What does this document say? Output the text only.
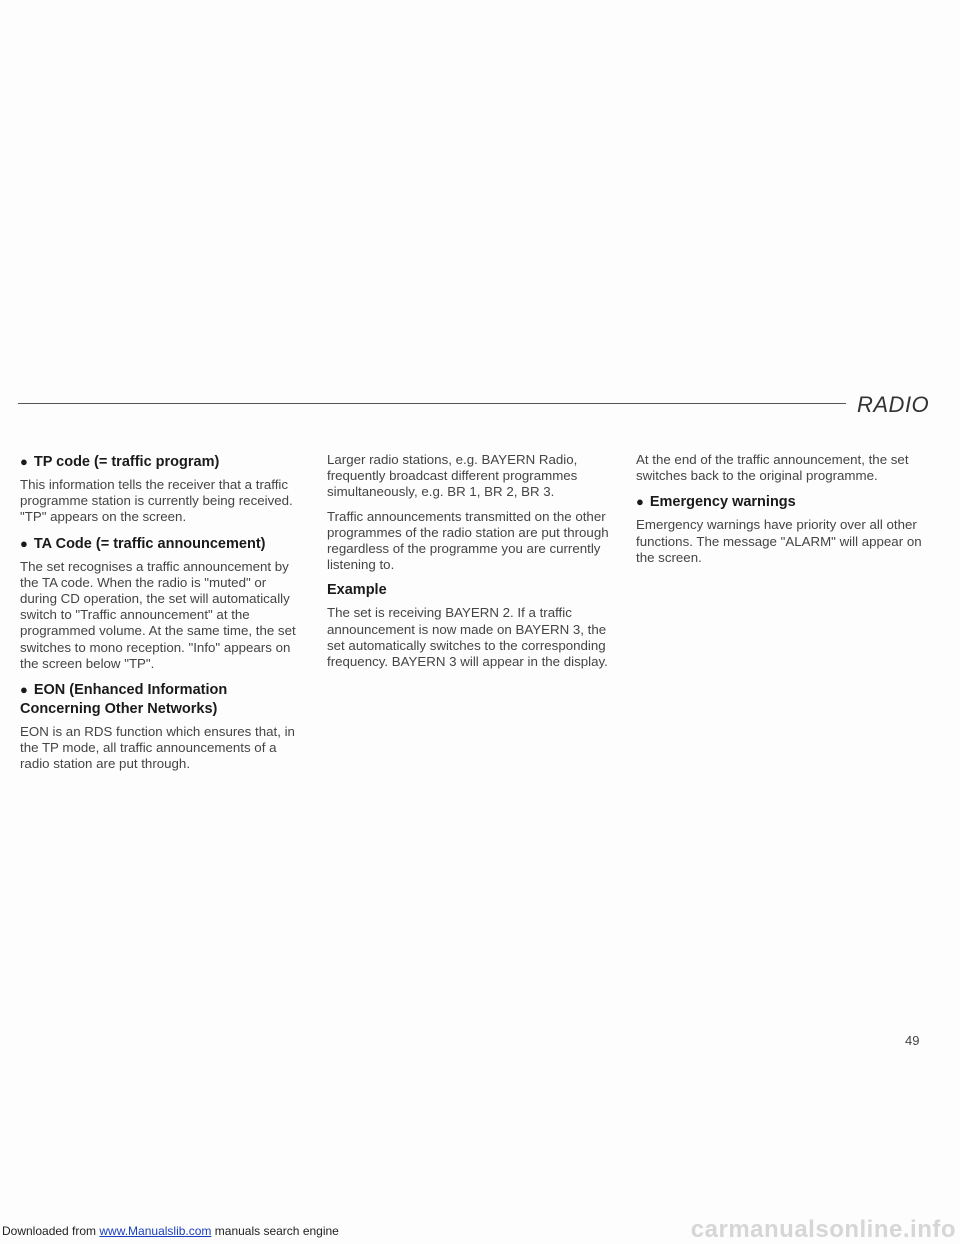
RADIO
● TP code (= traffic program)

This information tells the receiver that a traffic programme station is currently being received. "TP" appears on the screen.

● TA Code (= traffic announcement)

The set recognises a traffic announcement by the TA code. When the radio is "muted" or during CD operation, the set will automatically switch to "Traffic announcement" at the programmed volume. At the same time, the set switches to mono reception. "Info" appears on the screen below "TP".

● EON (Enhanced Information Concerning Other Networks)

EON is an RDS function which ensures that, in the TP mode, all traffic announcements of a radio station are put through.

Larger radio stations, e.g. BAYERN Radio, frequently broadcast different programmes simultaneously, e.g. BR 1, BR 2, BR 3.

Traffic announcements transmitted on the other programmes of the radio station are put through regardless of the programme you are currently listening to.

Example

The set is receiving BAYERN 2. If a traffic announcement is now made on BAYERN 3, the set automatically switches to the corresponding frequency. BAYERN 3 will appear in the display.

At the end of the traffic announcement, the set switches back to the original programme.

● Emergency warnings

Emergency warnings have priority over all other functions. The message "ALARM" will appear on the screen.

49
Downloaded from www.Manualslib.com manuals search engine	carmanualsonline.info
